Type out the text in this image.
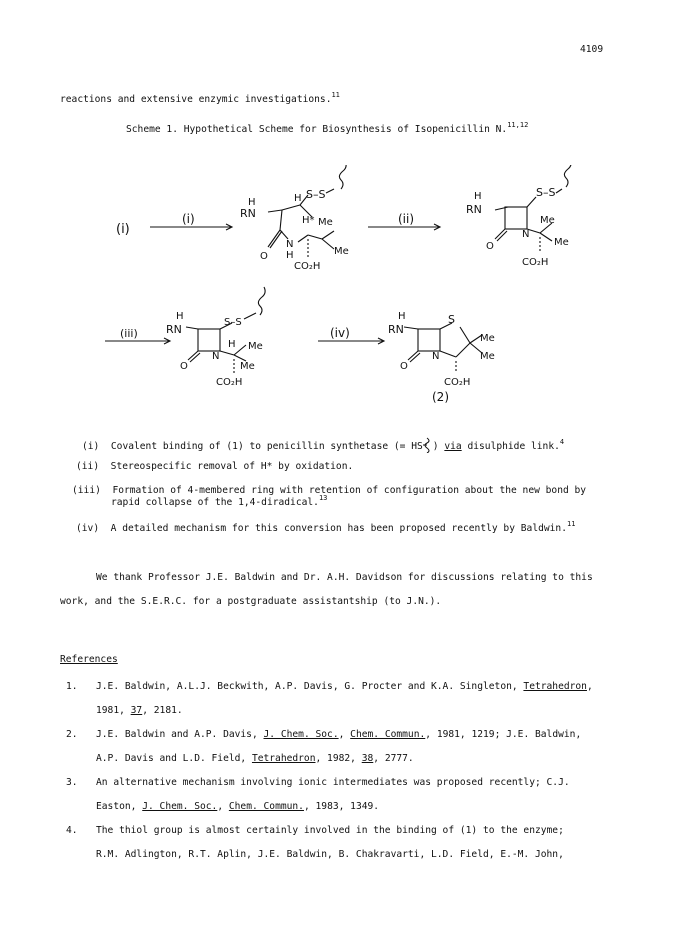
4109
reactions and extensive enzymic investigations.$^{11}$
Scheme 1. Hypothetical Scheme for Biosynthesis of Isopenicillin N.$^{11,12}$
(i)
(i)
H
RN
H S–S
H* Me
Me
O
N
H
CO₂H
(ii)
H
RN
S–S
Me
Me
O
N
CO₂H
(iii)
H
RN
S–S
H Me
Me
O
N
CO₂H
(iv)
H
RN
S
Me
Me
O
N
CO₂H
(2)
(i) Covalent binding of (1) to penicillin synthetase (= HS ) via disulphide link.$^4$
(ii) Stereospecific removal of H* by oxidation.
(iii) Formation of 4-membered ring with retention of configuration about the new bond by
rapid collapse of the 1,4-diradical.$^{13}$
(iv) A detailed mechanism for this conversion has been proposed recently by Baldwin.$^{11}$
We thank Professor J.E. Baldwin and Dr. A.H. Davidson for discussions relating to this
work, and the S.E.R.C. for a postgraduate assistantship (to J.N.).
References
1. J.E. Baldwin, A.L.J. Beckwith, A.P. Davis, G. Procter and K.A. Singleton, Tetrahedron,
1981, 37, 2181.
2. J.E. Baldwin and A.P. Davis, J. Chem. Soc., Chem. Commun., 1981, 1219; J.E. Baldwin,
A.P. Davis and L.D. Field, Tetrahedron, 1982, 38, 2777.
3. An alternative mechanism involving ionic intermediates was proposed recently; C.J.
Easton, J. Chem. Soc., Chem. Commun., 1983, 1349.
4. The thiol group is almost certainly involved in the binding of (1) to the enzyme;
R.M. Adlington, R.T. Aplin, J.E. Baldwin, B. Chakravarti, L.D. Field, E.-M. John,
